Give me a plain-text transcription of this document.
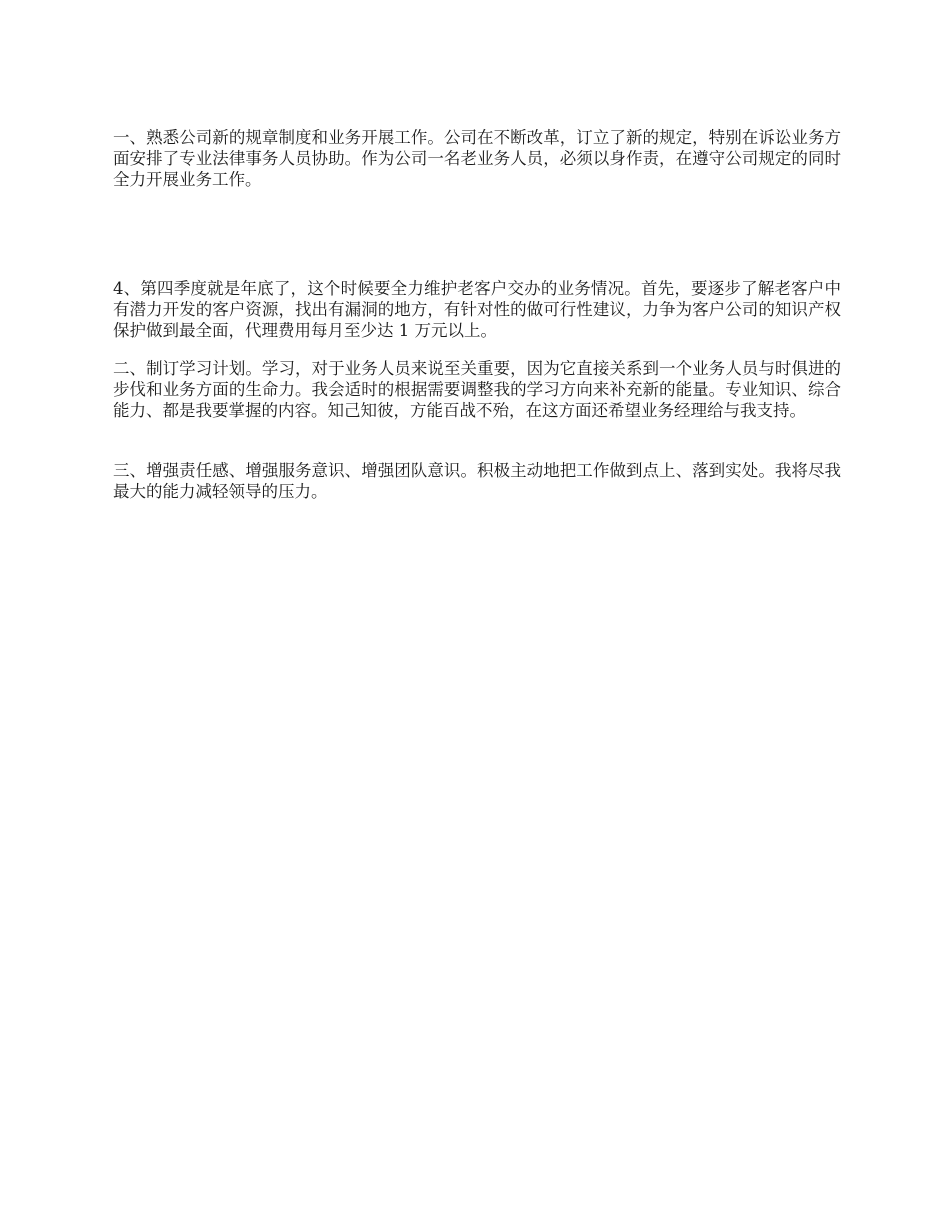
一、熟悉公司新的规章制度和业务开展工作。公司在不断改革，订立了新的规定，特别在诉讼业务方面安排了专业法律事务人员协助。作为公司一名老业务人员，必须以身作责，在遵守公司规定的同时全力开展业务工作。

4、第四季度就是年底了，这个时候要全力维护老客户交办的业务情况。首先，要逐步了解老客户中有潜力开发的客户资源，找出有漏洞的地方，有针对性的做可行性建议，力争为客户公司的知识产权保护做到最全面，代理费用每月至少达 1 万元以上。

二、制订学习计划。学习，对于业务人员来说至关重要，因为它直接关系到一个业务人员与时俱进的步伐和业务方面的生命力。我会适时的根据需要调整我的学习方向来补充新的能量。专业知识、综合能力、都是我要掌握的内容。知己知彼，方能百战不殆，在这方面还希望业务经理给与我支持。

三、增强责任感、增强服务意识、增强团队意识。积极主动地把工作做到点上、落到实处。我将尽我最大的能力减轻领导的压力。
